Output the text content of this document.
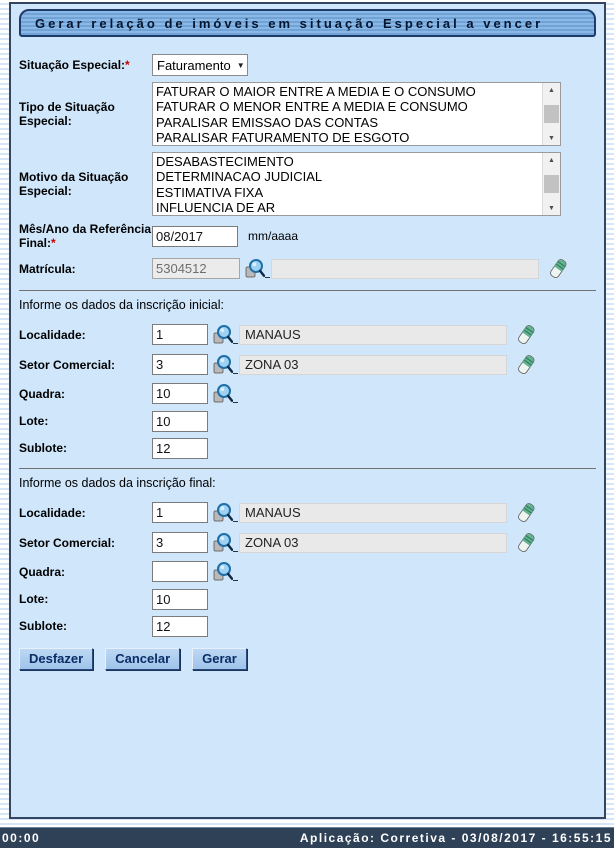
Gerar relação de imóveis em situação Especial a vencer
Situação Especial:*	Faturamento ▼
Tipo de Situação Especial:
FATURAR O MAIOR ENTRE A MEDIA E O CONSUMO
FATURAR O MENOR ENTRE A MEDIA E CONSUMO
PARALISAR EMISSAO DAS CONTAS
PARALISAR FATURAMENTO DE ESGOTO
▲
▼
Motivo da Situação Especial:
DESABASTECIMENTO
DETERMINACAO JUDICIAL
ESTIMATIVA FIXA
INFLUENCIA DE AR
▲
▼
Mês/Ano da Referência Final:*
08/2017	mm/aaaa
Matrícula:
5304512
Informe os dados da inscrição inicial:
Localidade:
1	MANAUS
Setor Comercial:
3	ZONA 03
Quadra:
10
Lote:
10
Sublote:
12
Informe os dados da inscrição final:
Localidade:
1	MANAUS
Setor Comercial:
3	ZONA 03
Quadra:
Lote:
10
Sublote:
12
Desfazer	Cancelar	Gerar
00:00	Aplicação: Corretiva - 03/08/2017 - 16:55:15
